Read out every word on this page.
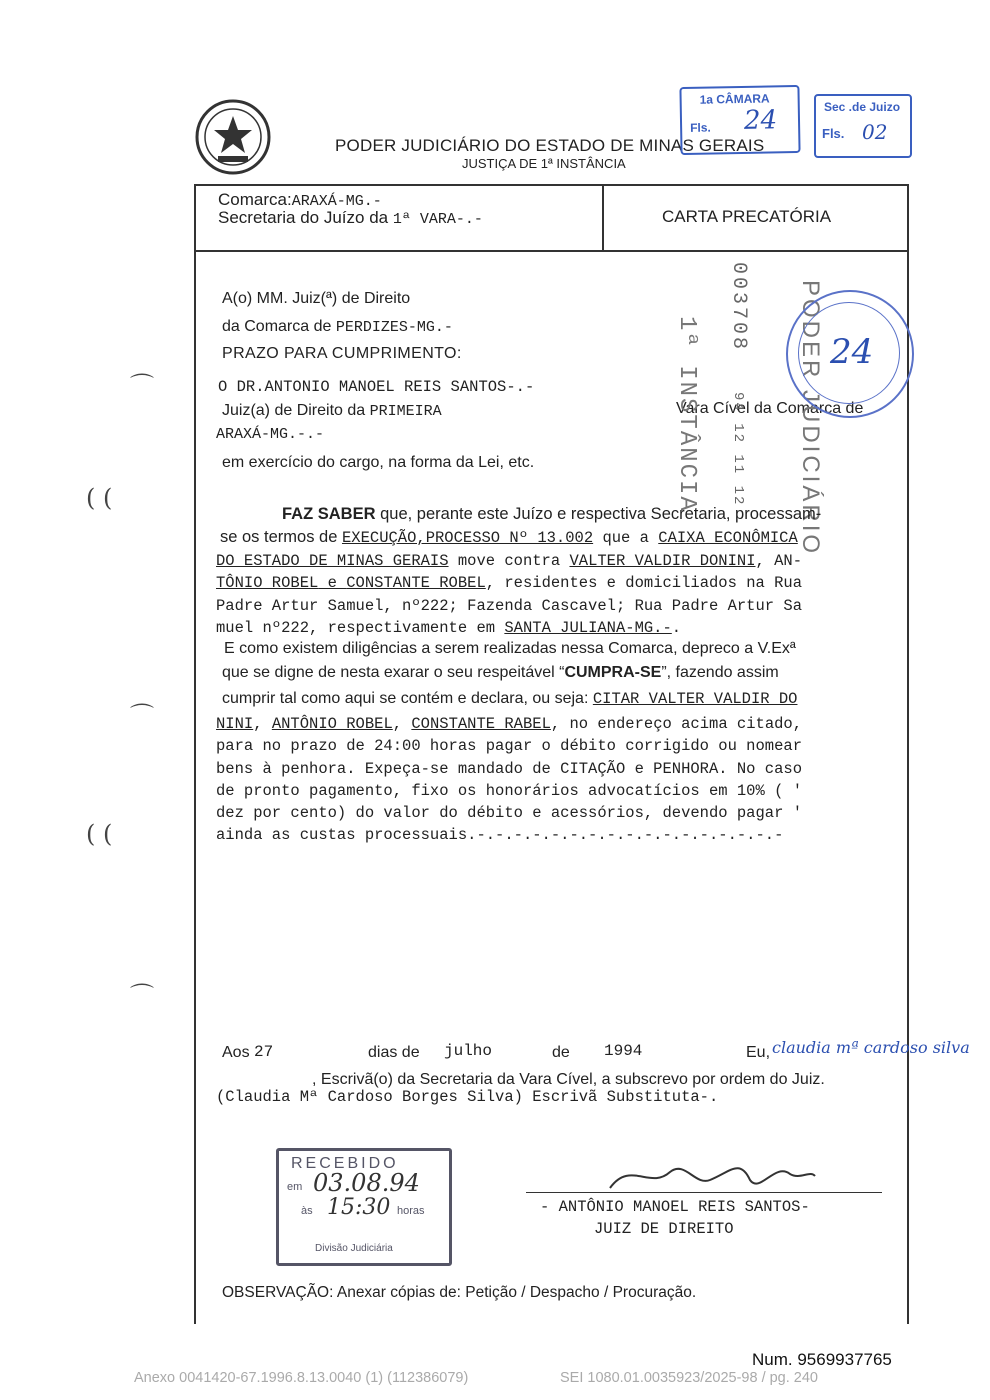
PODER JUDICIÁRIO DO ESTADO DE MINAS GERAIS
JUSTIÇA DE 1ª INSTÂNCIA
1a CÂMARA
Fls. 24	Sec .de Juizo
Fls. 02
Comarca:ARAXÁ-MG.-
Secretaria do Juízo da 1ª VARA-.-	CARTA PRECATÓRIA
A(o) MM. Juiz(ª) de Direito
da Comarca de PERDIZES-MG.-
PRAZO PARA CUMPRIMENTO:
O DR.ANTONIO MANOEL REIS SANTOS-.-
Juiz(a) de Direito da PRIMEIRA	Vara Cível da Comarca de
ARAXÁ-MG.-.-
em exercício do cargo, na forma da Lei, etc.	1ª INSTÂNCIA
003708
94 12 11 12 PODER JUDICIÁRIO 24
FAZ SABER que, perante este Juízo e respectiva Secretaria, processam-
se os termos de EXECUÇÃO,PROCESSO Nº 13.002 que a CAIXA ECONÔMICA
DO ESTADO DE MINAS GERAIS move contra VALTER VALDIR DONINI, AN-
TÔNIO ROBEL e CONSTANTE ROBEL, residentes e domiciliados na Rua
Padre Artur Samuel, nº222; Fazenda Cascavel; Rua Padre Artur Sa
muel nº222, respectivamente em SANTA JULIANA-MG.-.
E como existem diligências a serem realizadas nessa Comarca, depreco a V.Exª
que se digne de nesta exarar o seu respeitável “CUMPRA-SE”, fazendo assim
cumprir tal como aqui se contém e declara, ou seja: CITAR VALTER VALDIR DO
NINI, ANTÔNIO ROBEL, CONSTANTE RABEL, no endereço acima citado,
para no prazo de 24:00 horas pagar o débito corrigido ou nomear
bens à penhora. Expeça-se mandado de CITAÇÃO e PENHORA. No caso
de pronto pagamento, fixo os honorários advocatícios em 10% ( '
dez por cento) do valor do débito e acessórios, devendo pagar '
ainda as custas processuais.-.-.-.-.-.-.-.-.-.-.-.-.-.-.-.-.-
Aos 27	dias de julho	de 1994	Eu, claudia mª cardoso silva
, Escrivã(o) da Secretaria da Vara Cível, a subscrevo por ordem do Juiz.
(Claudia Mª Cardoso Borges Silva) Escrivã Substituta-.
RECEBIDO
em 03.08.94
às 15:30 horas
Divisão Judiciária
- ANTÔNIO MANOEL REIS SANTOS-
JUIZ DE DIREITO
OBSERVAÇÃO: Anexar cópias de: Petição / Despacho / Procuração.
⌒
( (
⌒
( (
⌒
Num. 9569937765
Anexo 0041420-67.1996.8.13.0040 (1) (112386079)	SEI 1080.01.0035923/2025-98 / pg. 240
